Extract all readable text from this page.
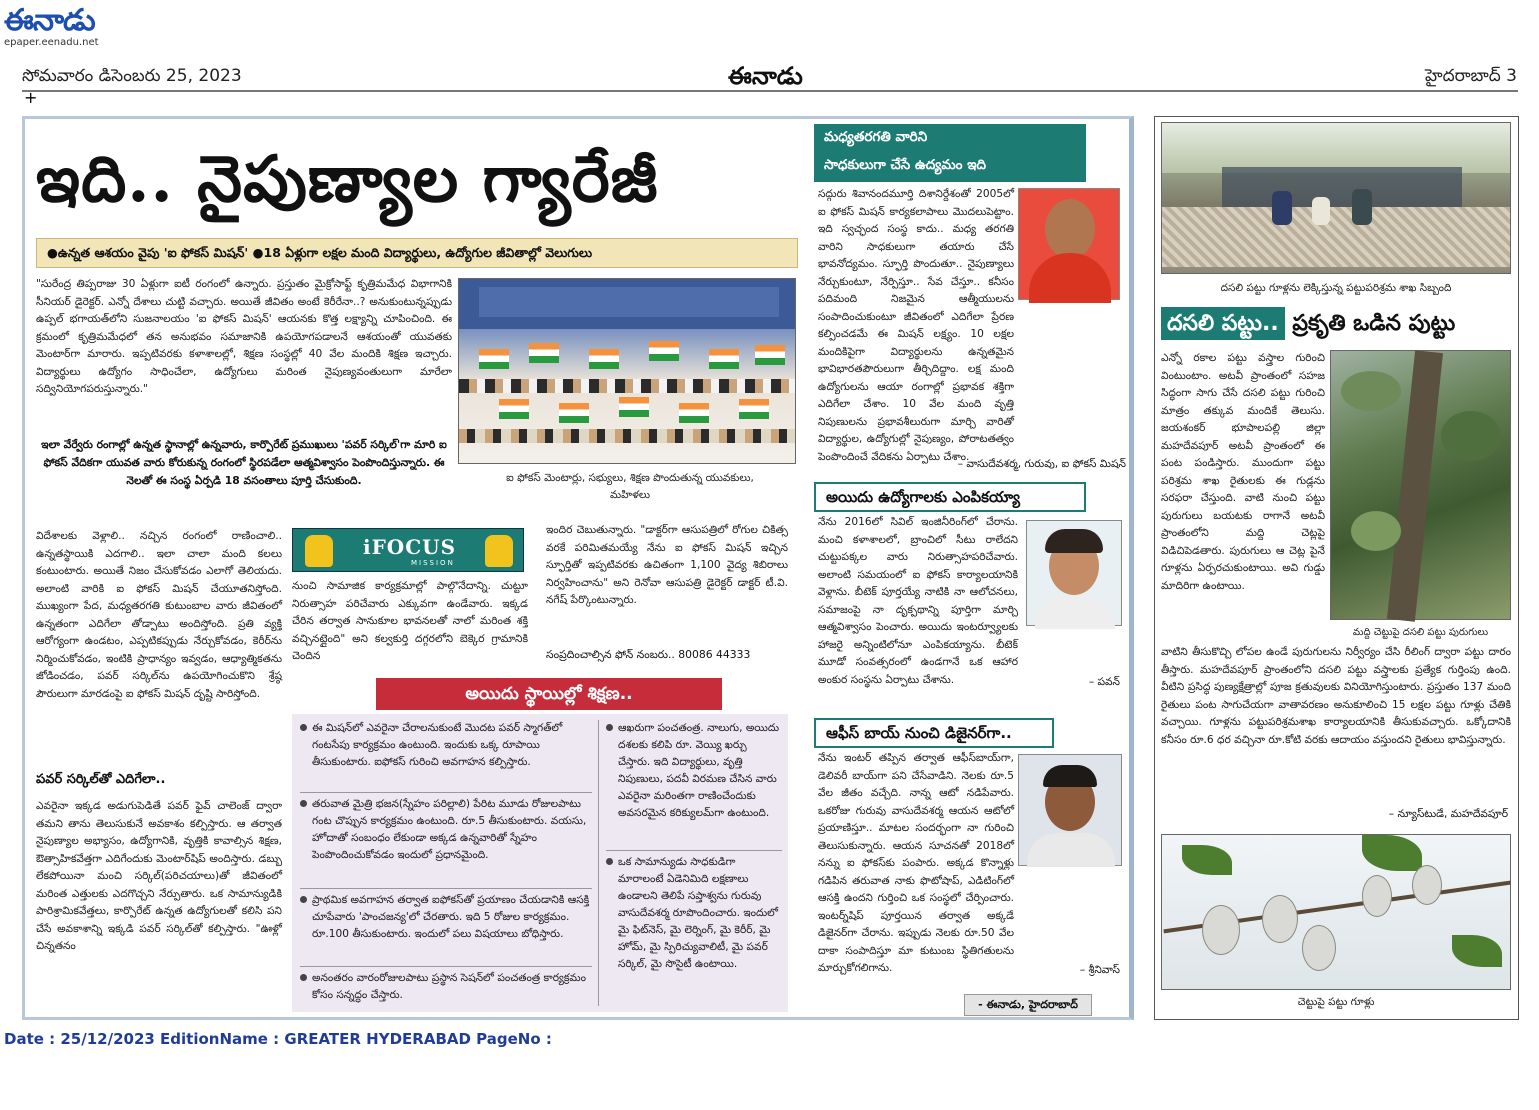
ఈనాడు
epaper.eenadu.net
సోమవారం డిసెంబరు 25, 2023	ఈనాడు	హైదరాబాద్ 3
+
ఇది.. నైపుణ్యాల గ్యారేజీ
●ఉన్నత ఆశయం వైపు 'ఐ ఫోకస్ మిషన్' ●18 ఏళ్లుగా లక్షల మంది విద్యార్థులు, ఉద్యోగుల జీవితాల్లో వెలుగులు
"సురేంద్ర తిప్పరాజు 30 ఏళ్లుగా ఐటీ రంగంలో ఉన్నారు. ప్రస్తుతం మైక్రోసాఫ్ట్ కృత్రిమమేధ విభాగానికి సీనియర్ డైరెక్టర్. ఎన్నో దేశాలు చుట్టి వచ్చారు. అయితే జీవితం అంటే కెరీరేనా..? అనుకుంటున్నప్పుడు ఉప్పల్ భగాయత్‌లోని సుజనాలయం 'ఐ ఫోకస్ మిషన్' ఆయనకు కొత్త లక్ష్యాన్ని చూపించింది. ఈ క్రమంలో కృత్రిమమేధలో తన అనుభవం సమాజానికి ఉపయోగపడాలనే ఆశయంతో యువతకు మెంటార్‌గా మారారు. ఇప్పటివరకు కళాశాలల్లో, శిక్షణ సంస్థల్లో 40 వేల మందికి శిక్షణ ఇచ్చారు. విద్యార్థులు ఉద్యోగం సాధించేలా, ఉద్యోగులు మరింత నైపుణ్యవంతులుగా మారేలా సద్వినియోగపరుస్తున్నారు."
ఇలా వేర్వేరు రంగాల్లో ఉన్నత స్థానాల్లో ఉన్నవారు, కార్పొరేట్ ప్రముఖులు 'పవర్ సర్కిల్'గా మారి ఐ ఫోకస్ వేదికగా యువత వారు కోరుకున్న రంగంలో స్థిరపడేలా ఆత్మవిశ్వాసం పెంపొందిస్తున్నారు. ఈ నెలతో ఈ సంస్థ ఏర్పడి 18 వసంతాలు పూర్తి చేసుకుంది.	ఐ ఫోకస్ మెంటార్లు, సభ్యులు, శిక్షణ పొందుతున్న యువకులు, మహిళలు
విదేశాలకు వెళ్లాలి.. నచ్చిన రంగంలో రాణించాలి.. ఉన్నతస్థాయికి ఎదగాలి.. ఇలా చాలా మంది కలలు కంటుంటారు. అయితే నిజం చేసుకోవడం ఎలాగో తెలియదు. అలాంటి వారికి ఐ ఫోకస్ మిషన్ చేయూతనిస్తోంది. ముఖ్యంగా పేద, మధ్యతరగతి కుటుంబాల వారు జీవితంలో ఉన్నతంగా ఎదిగేలా తోడ్పాటు అందిస్తోంది. ప్రతి వ్యక్తి ఆరోగ్యంగా ఉండటం, ఎప్పటికప్పుడు నేర్చుకోవడం, కెరీర్‌ను నిర్మించుకోవడం, ఇంటికి ప్రాధాన్యం ఇవ్వడం, ఆధ్యాత్మికతను జోడించడం, పవర్ సర్కిల్‌ను ఉపయోగించుకొని శ్రేష్ఠ పౌరులుగా మారడంపై ఐ ఫోకస్ మిషన్ దృష్టి సారిస్తోంది.
పవర్ సర్కిల్‌తో ఎదిగేలా..
ఎవరైనా ఇక్కడ అడుగుపెడితే పవర్ ఫైవ్ చాలెంజ్ ద్వారా తమని తాను తెలుసుకునే అవకాశం కల్పిస్తారు. ఆ తర్వాత నైపుణ్యాల అభ్యాసం, ఉద్యోగానికి, వృత్తికి కావాల్సిన శిక్షణ, ఔత్సాహికవేత్తగా ఎదిగేందుకు మెంటార్‌షిప్ అందిస్తారు. డబ్బు లేకపోయినా మంచి సర్కిల్(పరిచయాలు)తో జీవితంలో మరింత ఎత్తులకు ఎదగొచ్చని నేర్పుతారు. ఒక సామాన్యుడికి పారిశ్రామికవేత్తలు, కార్పొరేట్ ఉన్నత ఉద్యోగులతో కలిసి పని చేసే అవకాశాన్ని ఇక్కడి పవర్ సర్కిల్‌తో కల్పిస్తారు. "ఊళ్లో చిన్నతనం
iFOCUS
MISSION
నుంచి సామాజిక కార్యక్రమాల్లో పాల్గొనేదాన్ని. చుట్టూ నిరుత్సాహ పరిచేవారు ఎక్కువగా ఉండేవారు. ఇక్కడ చేరిన తర్వాత సానుకూల భావనలతో నాలో మరింత శక్తి వచ్చినట్లైంది" అని కల్వకుర్తి దగ్గరలోని బెక్కెర గ్రామానికి చెందిన
ఇందిర చెబుతున్నారు. "డాక్టర్‌గా ఆసుపత్రిలో రోగుల చికిత్స వరకే పరిమితమయ్యే నేను ఐ ఫోకస్ మిషన్ ఇచ్చిన స్ఫూర్తితో ఇప్పటివరకు ఉచితంగా 1,100 వైద్య శిబిరాలు నిర్వహించాను" అని రెనోవా ఆసుపత్రి డైరెక్టర్ డాక్టర్ టీ.వి. నగేష్ పేర్కొంటున్నారు.
సంప్రదించాల్సిన ఫోన్ నంబరు.. 80086 44333
అయిదు స్థాయిల్లో శిక్షణ..
ఈ మిషన్‌లో ఎవరైనా చేరాలనుకుంటే మొదట పవర్ స్మాగత్‌లో గంటసేపు కార్యక్రమం ఉంటుంది. ఇందుకు ఒక్క రూపాయి తీసుకుంటారు. ఐఫోకస్ గురించి అవగాహన కల్పిస్తారు.
తరువాత మైత్రి భజన(స్నేహం పరిల్లాలి) పేరిట మూడు రోజులపాటు గంట చొప్పున కార్యక్రమం ఉంటుంది. రూ.5 తీసుకుంటారు. వయసు, హోదాతో సంబంధం లేకుండా అక్కడ ఉన్నవారితో స్నేహం పెంపొందించుకోవడం ఇందులో ప్రధానమైంది.
ప్రాథమిక అవగాహన తర్వాత ఐఫోకస్‌తో ప్రయాణం చేయడానికి ఆసక్తి చూపేవారు 'పాంచజన్య'లో చేరతారు. ఇది 5 రోజుల కార్యక్రమం. రూ.100 తీసుకుంటారు. ఇందులో పలు విషయాలు బోధిస్తారు.
అనంతరం వారంరోజులపాటు ప్రస్థాన సెషన్‌లో పంచతంత్ర కార్యక్రమం కోసం సన్నద్ధం చేస్తారు.
ఆఖరుగా పంచతంత్ర. నాలుగు, అయిదు దశలకు కలిపి రూ. వెయ్యి ఖర్చు చేస్తారు. ఇది విద్యార్థులు, వృత్తి నిపుణులు, పదవీ విరమణ చేసిన వారు ఎవరైనా మరింతగా రాణించేందుకు అవసరమైన కరిక్యులమ్‌గా ఉంటుంది.
ఒక సామాన్యుడు సాధకుడిగా మారాలంటే ఏడెనిమిది లక్షణాలు ఉండాలని తెలిపే సప్తాశ్వను గురువు వాసుదేవశర్మ రూపొందించారు. ఇందులో మై ఫిట్‌నెస్, మై లెర్నింగ్, మై కెరీర్, మై హోమ్, మై స్పిరిచ్యువాలిటీ, మై పవర్ సర్కిల్, మై సొసైటీ ఉంటాయి.
మధ్యతరగతి వారిని
సాధకులుగా చేసే ఉద్యమం ఇది
సద్గురు శివానందమూర్తి దిశానిర్దేశంతో 2005లో ఐ ఫోకస్ మిషన్ కార్యకలాపాలు మొదలుపెట్టాం. ఇది స్వచ్ఛంద సంస్థ కాదు.. మధ్య తరగతి వారిని సాధకులుగా తయారు చేసే భావనోద్యమం. స్ఫూర్తి పొందుతూ.. నైపుణ్యాలు నేర్చుకుంటూ, నేర్పిస్తూ.. సేవ చేస్తూ.. కనీసం పదిమంది నిజమైన ఆత్మీయులను సంపాదించుకుంటూ జీవితంలో ఎదిగేలా ప్రేరణ కల్పించడమే ఈ మిషన్ లక్ష్యం. 10 లక్షల మందికిపైగా విద్యార్థులను ఉన్నతమైన భావిభారతపౌరులుగా తీర్చిదిద్దాం. లక్ష మంది ఉద్యోగులను ఆయా రంగాల్లో ప్రభావక శక్తిగా ఎదిగేలా చేశాం. 10 వేల మంది వృత్తి నిపుణులను ప్రభావశీలురుగా మార్చి వారితో విద్యార్థుల, ఉద్యోగుల్లో నైపుణ్యం, పోరాటతత్వం పెంపొందించే వేదికను ఏర్పాటు చేశాం.
– వాసుదేవశర్మ, గురువు, ఐ ఫోకస్ మిషన్
అయిదు ఉద్యోగాలకు ఎంపికయ్యా
నేను 2016లో సివిల్ ఇంజినీరింగ్‌లో చేరాను. మంచి కళాశాలలో, బ్రాంచిలో సీటు రాలేదని చుట్టుపక్కల వారు నిరుత్సాహపరిచేవారు. అలాంటి సమయంలో ఐ ఫోకస్ కార్యాలయానికి వెళ్లాను. బీటెక్ పూర్తయ్యే నాటికి నా ఆలోచనలు, సమాజంపై నా దృక్పథాన్ని పూర్తిగా మార్చి ఆత్మవిశ్వాసం పెంచారు. అయిదు ఇంటర్వ్యూలకు హాజరై అన్నింటిలోనూ ఎంపికయ్యాను. బీటెక్ మూడో సంవత్సరంలో ఉండగానే ఒక ఆహార అంకుర సంస్థను ఏర్పాటు చేశాను.	– పవన్
ఆఫీస్ బాయ్ నుంచి డిజైనర్‌గా..
నేను ఇంటర్ తప్పిన తర్వాత ఆఫీస్‌బాయ్‌గా, డెలివరీ బాయ్‌గా పని చేసేవాడిని. నెలకు రూ.5 వేల జీతం వచ్చేది. నాన్న ఆటో నడిపేవారు. ఒకరోజు గురువు వాసుదేవశర్మ ఆయన ఆటోలో ప్రయాణిస్తూ.. మాటల సందర్భంగా నా గురించి తెలుసుకున్నారు. ఆయన సూచనతో 2018లో నన్ను ఐ ఫోకస్‌కు పంపారు. అక్కడ కొన్నాళ్లు గడిపిన తరువాత నాకు ఫొటోషాప్, ఎడిటింగ్‌లో ఆసక్తి ఉందని గుర్తించి ఒక సంస్థలో చేర్పించారు. ఇంటర్న్‌షిప్ పూర్తయిన తర్వాత అక్కడే డిజైనర్‌గా చేరాను. ఇప్పుడు నెలకు రూ.50 వేల దాకా సంపాదిస్తూ మా కుటుంబ స్థితిగతులను మార్చుకోగలిగాను.	– శ్రీనివాస్
- ఈనాడు, హైదరాబాద్
దసలి పట్టు గూళ్లను లెక్కిస్తున్న పట్టుపరిశ్రమ శాఖ సిబ్బంది
దసలి పట్టు.. ప్రకృతి ఒడిన పుట్టు
ఎన్నో రకాల పట్టు వస్త్రాల గురించి వింటుంటాం. అటవీ ప్రాంతంలో సహజ సిద్ధంగా సాగు చేసే దసలి పట్టు గురించి మాత్రం తక్కువ మందికే తెలుసు. జయశంకర్ భూపాలపల్లి జిల్లా మహదేవపూర్ అటవీ ప్రాంతంలో ఈ పంట పండిస్తారు. ముందుగా పట్టు పరిశ్రమ శాఖ రైతులకు ఈ గుడ్లను సరఫరా చేస్తుంది. వాటి నుంచి పట్టు పురుగులు బయటకు రాగానే అటవీ ప్రాంతంలోని మద్ది చెట్లపై విడిచిపెడతారు. పురుగులు ఆ చెట్ల పైనే గూళ్లను ఏర్పరచుకుంటాయి. అవి గుడ్డు మాదిరిగా ఉంటాయి.
మద్ది చెట్టుపై దసలి పట్టు పురుగులు
వాటిని తీసుకొచ్చి లోపల ఉండే పురుగులను నిర్వీర్యం చేసి రీలింగ్ ద్వారా పట్టు దారం తీస్తారు. మహదేవపూర్ ప్రాంతంలోని దసలి పట్టు వస్త్రాలకు ప్రత్యేక గుర్తింపు ఉంది. వీటిని ప్రసిద్ధ పుణ్యక్షేత్రాల్లో పూజ క్రతువులకు వినియోగిస్తుంటారు. ప్రస్తుతం 137 మంది రైతులు పంట సాగుచేయగా వాతావరణం అనుకూలించి 15 లక్షల పట్టు గూళ్లు చేతికి వచ్చాయి. గూళ్లను పట్టుపరిశ్రమశాఖ కార్యాలయానికి తీసుకువచ్చారు. ఒక్కోదానికి కనీసం రూ.6 ధర వచ్చినా రూ.కోటి వరకు ఆదాయం వస్తుందని రైతులు భావిస్తున్నారు.
– న్యూస్‌టుడే, మహదేవపూర్
చెట్టుపై పట్టు గూళ్లు
Date : 25/12/2023 EditionName : GREATER HYDERABAD PageNo :
